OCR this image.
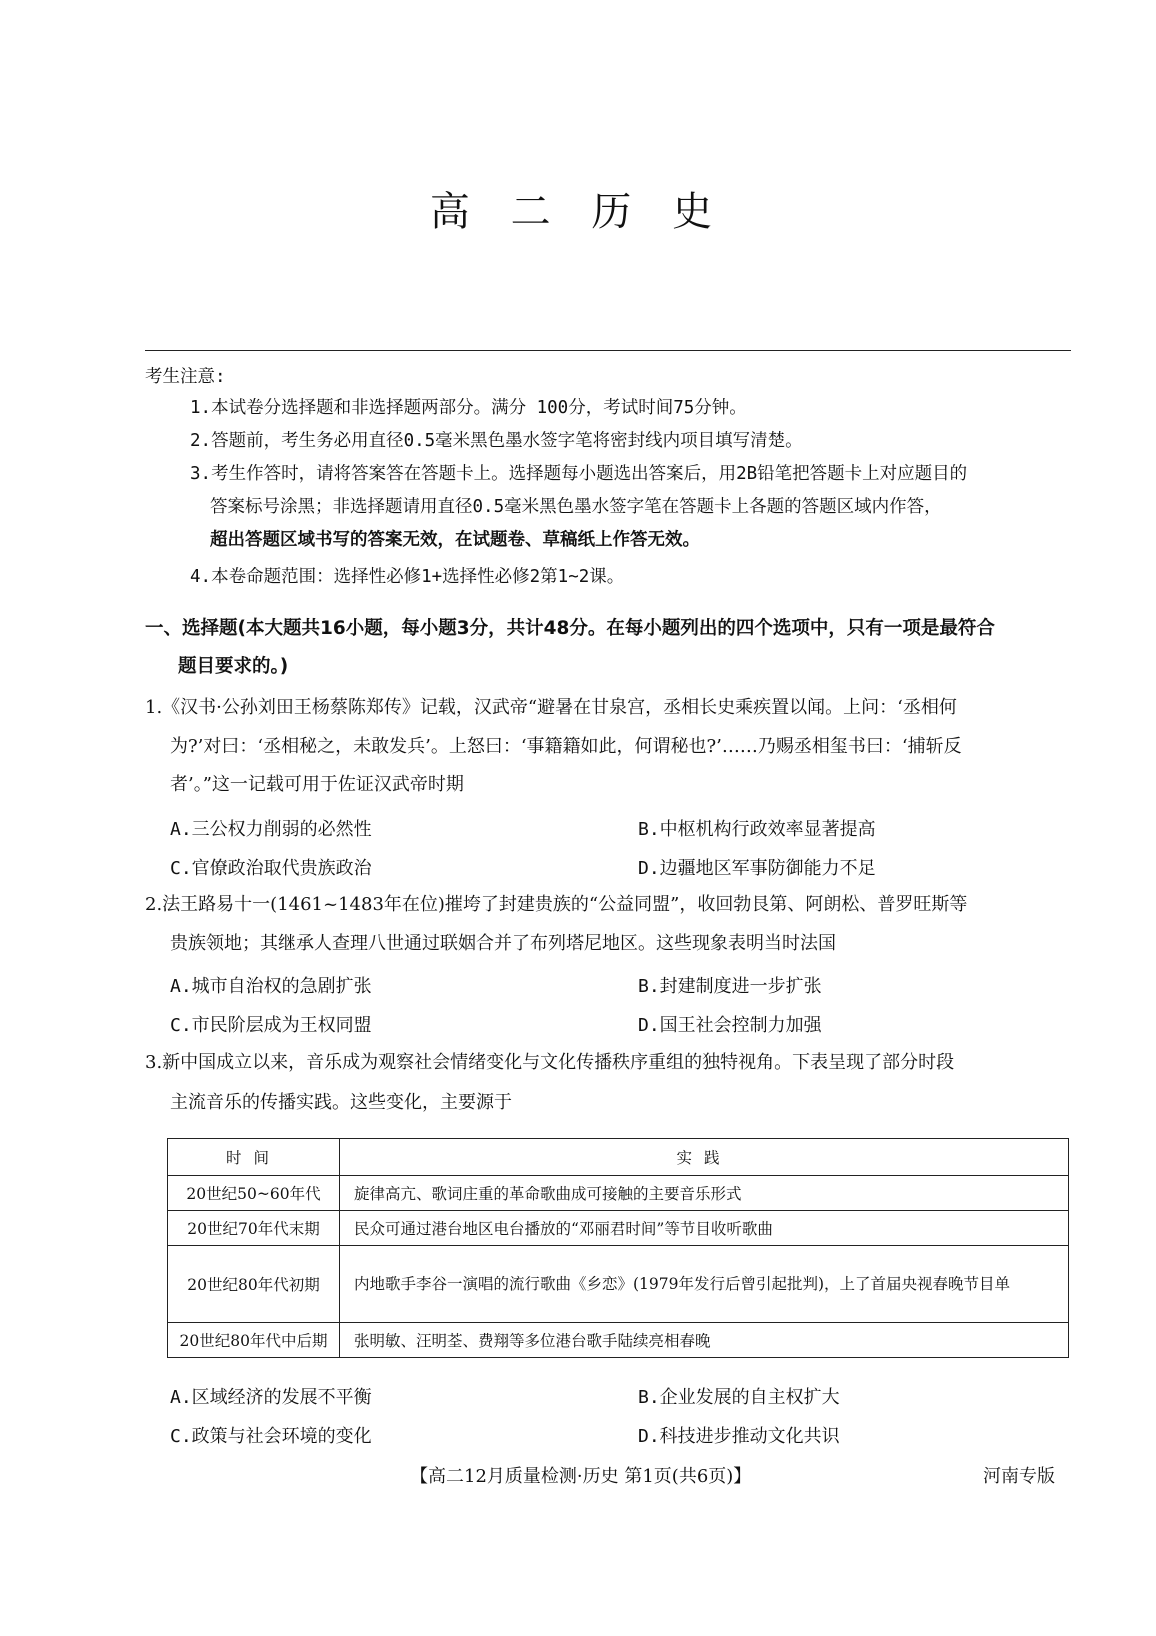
高 二 历 史
考生注意:
1.本试卷分选择题和非选择题两部分。满分 100分，考试时间75分钟。
2.答题前，考生务必用直径0.5毫米黑色墨水签字笔将密封线内项目填写清楚。
3.考生作答时，请将答案答在答题卡上。选择题每小题选出答案后，用2B铅笔把答题卡上对应题目的
答案标号涂黑；非选择题请用直径0.5毫米黑色墨水签字笔在答题卡上各题的答题区域内作答，
超出答题区域书写的答案无效，在试题卷、草稿纸上作答无效。
4.本卷命题范围：选择性必修1+选择性必修2第1~2课。
一、选择题(本大题共16小题，每小题3分，共计48分。在每小题列出的四个选项中，只有一项是最符合
题目要求的。)
1.《汉书·公孙刘田王杨蔡陈郑传》记载，汉武帝“避暑在甘泉宫，丞相长史乘疾置以闻。上问：‘丞相何
为?’对曰：‘丞相秘之，未敢发兵’。上怒曰：‘事籍籍如此，何谓秘也?’……乃赐丞相玺书曰：‘捕斩反
者’。”这一记载可用于佐证汉武帝时期
A.三公权力削弱的必然性	B.中枢机构行政效率显著提高
C.官僚政治取代贵族政治	D.边疆地区军事防御能力不足
2.法王路易十一(1461~1483年在位)摧垮了封建贵族的“公益同盟”，收回勃艮第、阿朗松、普罗旺斯等
贵族领地；其继承人查理八世通过联姻合并了布列塔尼地区。这些现象表明当时法国
A.城市自治权的急剧扩张	B.封建制度进一步扩张
C.市民阶层成为王权同盟	D.国王社会控制力加强
3.新中国成立以来，音乐成为观察社会情绪变化与文化传播秩序重组的独特视角。下表呈现了部分时段
主流音乐的传播实践。这些变化，主要源于
时间	实践
20世纪50~60年代	旋律高亢、歌词庄重的革命歌曲成可接触的主要音乐形式
20世纪70年代末期	民众可通过港台地区电台播放的“邓丽君时间”等节目收听歌曲
20世纪80年代初期	内地歌手李谷一演唱的流行歌曲《乡恋》(1979年发行后曾引起批判)，上了首届央视春晚节目单
20世纪80年代中后期	张明敏、汪明荃、费翔等多位港台歌手陆续亮相春晚
A.区域经济的发展不平衡	B.企业发展的自主权扩大
C.政策与社会环境的变化	D.科技进步推动文化共识
【高二12月质量检测·历史 第1页(共6页)】	河南专版
